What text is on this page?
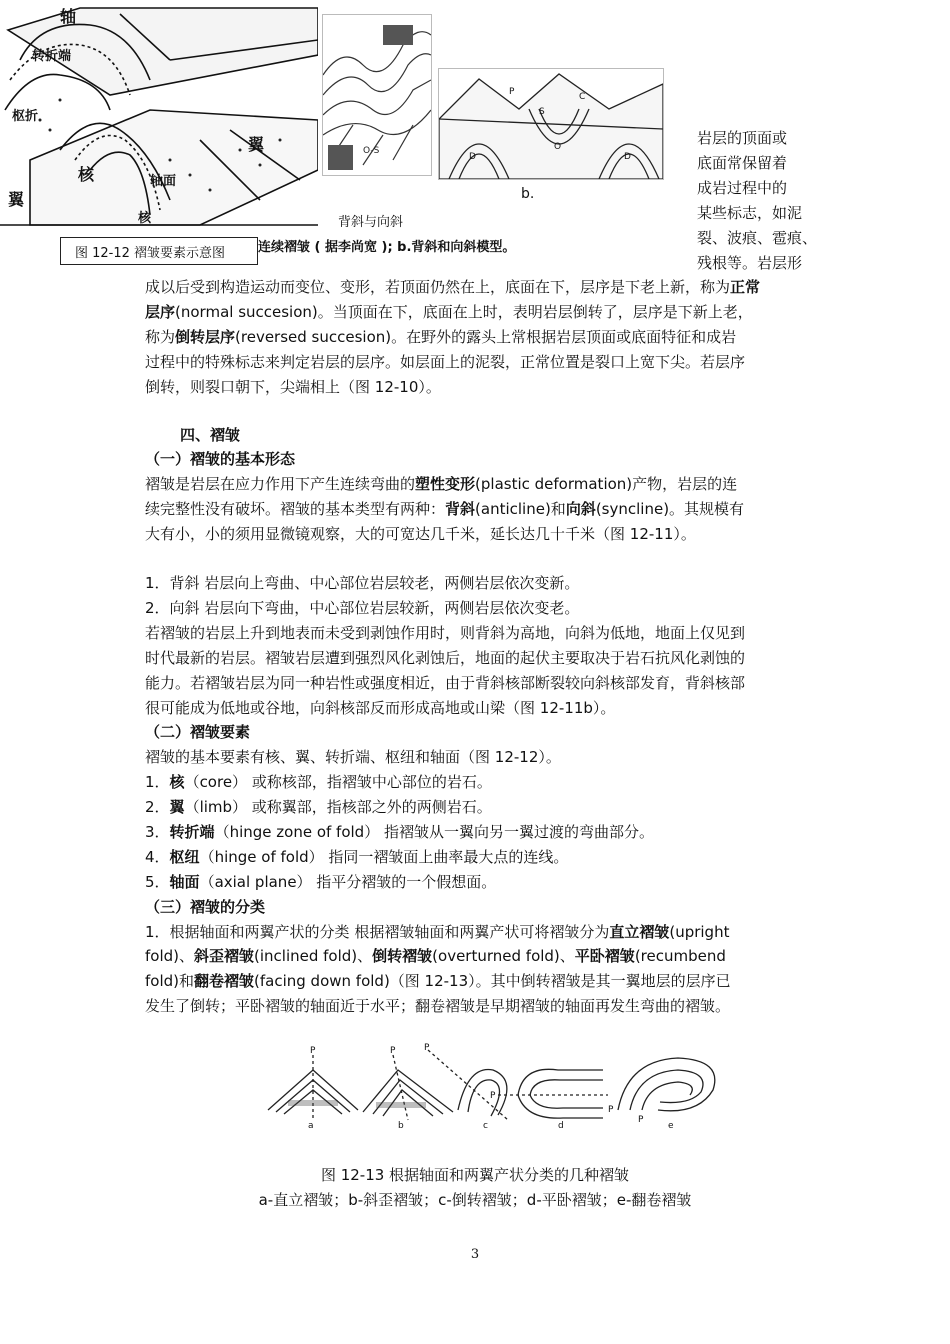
轴
翼
核
翼
轴面
核
枢折
转折端
图 12-12 褶皱要素示意图
O-S
P
S
C
O
D	D
b.
背斜与向斜
连续褶皱 ( 据李尚宽 ); b.背斜和向斜模型。
岩层的顶面或
底面常保留着
成岩过程中的
某些标志，如泥
裂、波痕、雹痕、
残根等。岩层形
成以后受到构造运动而变位、变形，若顶面仍然在上，底面在下，层序是下老上新，称为正常
层序(normal succesion)。当顶面在下，底面在上时，表明岩层倒转了，层序是下新上老，
称为倒转层序(reversed succesion)。在野外的露头上常根据岩层顶面或底面特征和成岩
过程中的特殊标志来判定岩层的层序。如层面上的泥裂，正常位置是裂口上宽下尖。若层序
倒转，则裂口朝下，尖端相上（图 12-10）。
四、褶皱
（一）褶皱的基本形态
褶皱是岩层在应力作用下产生连续弯曲的塑性变形(plastic deformation)产物，岩层的连
续完整性没有破坏。褶皱的基本类型有两种：背斜(anticline)和向斜(syncline)。其规模有
大有小，小的须用显微镜观察，大的可宽达几千米，延长达几十千米（图 12-11）。
1．背斜 岩层向上弯曲、中心部位岩层较老，两侧岩层依次变新。
2．向斜 岩层向下弯曲，中心部位岩层较新，两侧岩层依次变老。
若褶皱的岩层上升到地表而未受到剥蚀作用时，则背斜为高地，向斜为低地，地面上仅见到
时代最新的岩层。褶皱岩层遭到强烈风化剥蚀后，地面的起伏主要取决于岩石抗风化剥蚀的
能力。若褶皱岩层为同一种岩性或强度相近，由于背斜核部断裂较向斜核部发育，背斜核部
很可能成为低地或谷地，向斜核部反而形成高地或山梁（图 12-11b）。
（二）褶皱要素
褶皱的基本要素有核、翼、转折端、枢纽和轴面（图 12-12）。
1．核（core） 或称核部，指褶皱中心部位的岩石。
2．翼（limb） 或称翼部，指核部之外的两侧岩石。
3．转折端（hinge zone of fold） 指褶皱从一翼向另一翼过渡的弯曲部分。
4．枢纽（hinge of fold） 指同一褶皱面上曲率最大点的连线。
5．轴面（axial plane） 指平分褶皱的一个假想面。
（三）褶皱的分类
1．根据轴面和两翼产状的分类 根据褶皱轴面和两翼产状可将褶皱分为直立褶皱(upright
fold)、斜歪褶皱(inclined fold)、倒转褶皱(overturned fold)、平卧褶皱(recumbend
fold)和翻卷褶皱(facing down fold)（图 12-13）。其中倒转褶皱是其一翼地层的层序已
发生了倒转；平卧褶皱的轴面近于水平；翻卷褶皱是早期褶皱的轴面再发生弯曲的褶皱。
P	P	P
P
P
P
a	b	c	d	e
图 12-13 根据轴面和两翼产状分类的几种褶皱
a-直立褶皱；b-斜歪褶皱；c-倒转褶皱；d-平卧褶皱；e-翻卷褶皱
3
